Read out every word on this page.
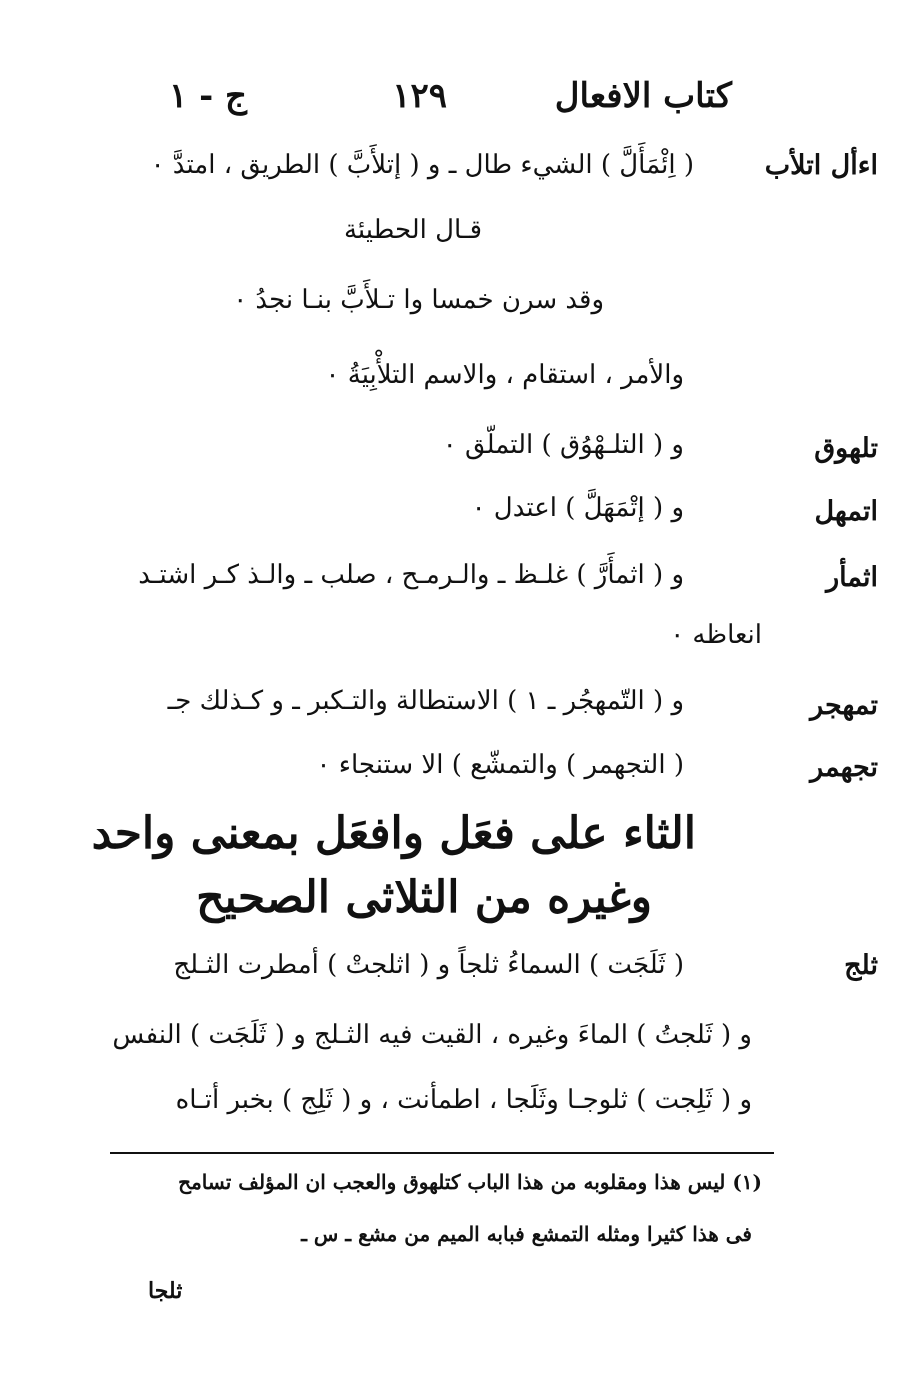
كتاب الافعال
١٢٩
ج - ١
اءأل اتلأب
( اِئْمَأَلَّ ) الشيء طال ـ و ( إتلأَبَّ ) الطريق ، امتدَّ ٠
قـال الحطيئة
وقد سرن خمسا وا تـلأَبَّ بنـا نجدُ ٠
والأمر ، استقام ، والاسم التلأْبِيَةُ ٠
تلهوق
و ( التلـهْوُق ) التملّق ٠
اتمهل
و ( إتْمَهَلَّ ) اعتدل ٠
اثمأر
و ( اثمأَرَّ ) غلـظ ـ والـرمـح ، صلب ـ والـذ كـر اشتـد
انعاظه ٠
تمهجر
و ( التّمهجُر ـ ١ ) الاستطالة والتـكبر ـ و كـذلك جـ
تجهمر
( التجهمر ) والتمشّع ) الا ستنجاء ٠
الثاء على فعَل وافعَل بمعنى واحد
وغيره من الثلاثى الصحيح
ثلج
( ثَلَجَت ) السماءُ ثلجاً و ( اثلجتْ ) أمطرت الثـلج
و ( ثَلجتُ ) الماءَ وغيره ، القيت فيه الثـلج و ( ثَلَجَت ) النفس
و ( ثَلِجت ) ثلوجـا وثَلَجا ، اطمأنت ، و ( ثَلِج ) بخبر أتـاه
(١) ليس هذا ومقلوبه من هذا الباب كتلهوق والعجب ان المؤلف تسامح
فى هذا كثيرا ومثله التمشع فبابه الميم من مشع ـ س ـ
ثلجا
